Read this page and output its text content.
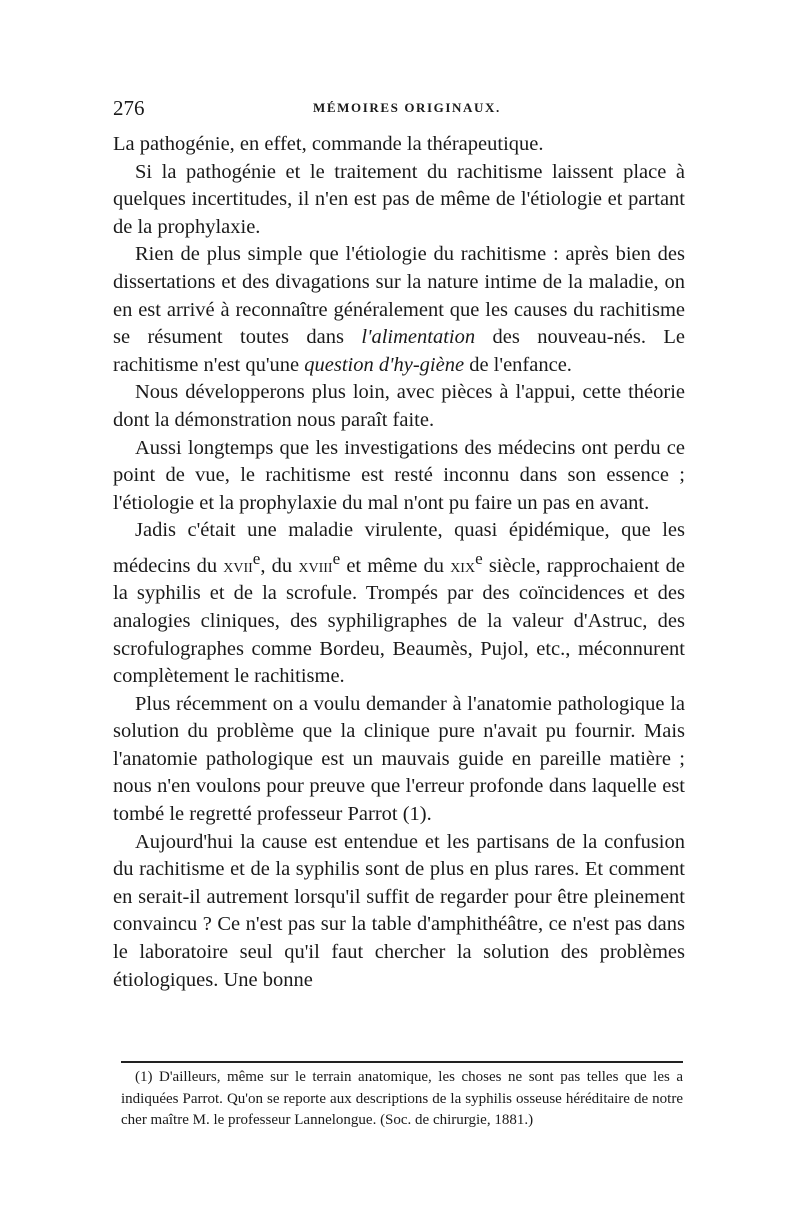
276	MÉMOIRES ORIGINAUX.

La pathogénie, en effet, commande la thérapeutique.

Si la pathogénie et le traitement du rachitisme laissent place à quelques incertitudes, il n'en est pas de même de l'étiologie et partant de la prophylaxie.

Rien de plus simple que l'étiologie du rachitisme : après bien des dissertations et des divagations sur la nature intime de la maladie, on en est arrivé à reconnaître généralement que les causes du rachitisme se résument toutes dans l'alimentation des nouveau-nés. Le rachitisme n'est qu'une question d'hy-giène de l'enfance.

Nous développerons plus loin, avec pièces à l'appui, cette théorie dont la démonstration nous paraît faite.

Aussi longtemps que les investigations des médecins ont perdu ce point de vue, le rachitisme est resté inconnu dans son essence ; l'étiologie et la prophylaxie du mal n'ont pu faire un pas en avant.

Jadis c'était une maladie virulente, quasi épidémique, que les médecins du xvii$^e$, du xviii$^e$ et même du xix$^e$ siècle, rapprochaient de la syphilis et de la scrofule. Trompés par des coïncidences et des analogies cliniques, des syphiligraphes de la valeur d'Astruc, des scrofulographes comme Bordeu, Beaumès, Pujol, etc., méconnurent complètement le rachitisme.

Plus récemment on a voulu demander à l'anatomie pathologique la solution du problème que la clinique pure n'avait pu fournir. Mais l'anatomie pathologique est un mauvais guide en pareille matière ; nous n'en voulons pour preuve que l'erreur profonde dans laquelle est tombé le regretté professeur Parrot (1).

Aujourd'hui la cause est entendue et les partisans de la confusion du rachitisme et de la syphilis sont de plus en plus rares. Et comment en serait-il autrement lorsqu'il suffit de regarder pour être pleinement convaincu ? Ce n'est pas sur la table d'amphithéâtre, ce n'est pas dans le laboratoire seul qu'il faut chercher la solution des problèmes étiologiques. Une bonne

(1) D'ailleurs, même sur le terrain anatomique, les choses ne sont pas telles que les a indiquées Parrot. Qu'on se reporte aux descriptions de la syphilis osseuse héréditaire de notre cher maître M. le professeur Lannelongue. (Soc. de chirurgie, 1881.)
